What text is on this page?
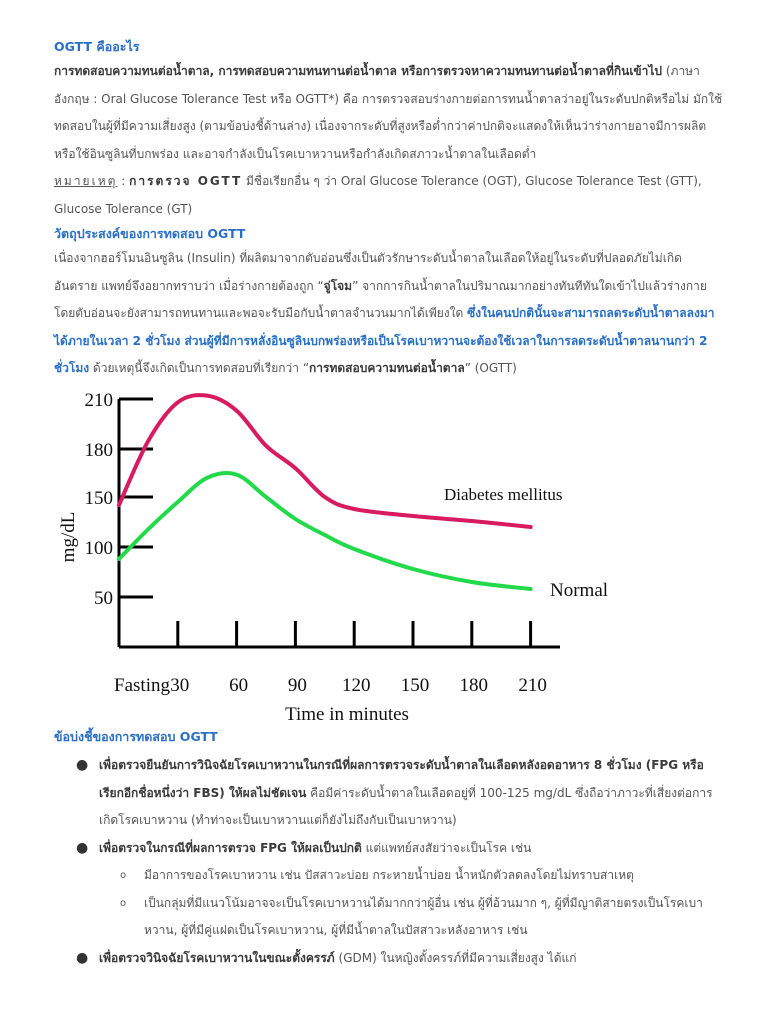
OGTT คืออะไร

การทดสอบความทนต่อน้ำตาล, การทดสอบความทนทานต่อน้ำตาล หรือการตรวจหาความทนทานต่อน้ำตาลที่กินเข้าไป (ภาษาอังกฤษ : Oral Glucose Tolerance Test หรือ OGTT*) คือ การตรวจสอบร่างกายต่อการทนน้ำตาลว่าอยู่ในระดับปกติหรือไม่ มักใช้ทดสอบในผู้ที่มีความเสี่ยงสูง (ตามข้อบ่งชี้ด้านล่าง) เนื่องจากระดับที่สูงหรือต่ำกว่าค่าปกติจะแสดงให้เห็นว่าร่างกายอาจมีการผลิตหรือใช้อินซูลินที่บกพร่อง และอาจกำลังเป็นโรคเบาหวานหรือกำลังเกิดสภาวะน้ำตาลในเลือดต่ำ

หมายเหตุ : การตรวจ OGTT มีชื่อเรียกอื่น ๆ ว่า Oral Glucose Tolerance (OGT), Glucose Tolerance Test (GTT), Glucose Tolerance (GT)

วัตถุประสงค์ของการทดสอบ OGTT

เนื่องจากฮอร์โมนอินซูลิน (Insulin) ที่ผลิตมาจากตับอ่อนซึ่งเป็นตัวรักษาระดับน้ำตาลในเลือดให้อยู่ในระดับที่ปลอดภัยไม่เกิดอันตราย แพทย์จึงอยากทราบว่า เมื่อร่างกายต้องถูก “จู่โจม” จากการกินน้ำตาลในปริมาณมากอย่างทันทีทันใดเข้าไปแล้วร่างกายโดยตับอ่อนจะยังสามารถทนทานและพอจะรับมือกับน้ำตาลจำนวนมากได้เพียงใด ซึ่งในคนปกตินั้นจะสามารถลดระดับน้ำตาลลงมาได้ภายในเวลา 2 ชั่วโมง ส่วนผู้ที่มีการหลั่งอินซูลินบกพร่องหรือเป็นโรคเบาหวานจะต้องใช้เวลาในการลดระดับน้ำตาลนานกว่า 2 ชั่วโมง ด้วยเหตุนี้จึงเกิดเป็นการทดสอบที่เรียกว่า “การทดสอบความทนต่อน้ำตาล” (OGTT)

50
100
150
180
210
Fasting 30 60 90 120 150 180 210
mg/dL
Time in minutes
Diabetes mellitus
Normal
ข้อบ่งชี้ของการทดสอบ OGTT
● เพื่อตรวจยืนยันการวินิจฉัยโรคเบาหวานในกรณีที่ผลการตรวจระดับน้ำตาลในเลือดหลังอดอาหาร 8 ชั่วโมง (FPG หรือเรียกอีกชื่อหนึ่งว่า FBS) ให้ผลไม่ชัดเจน คือมีค่าระดับน้ำตาลในเลือดอยู่ที่ 100-125 mg/dL ซึ่งถือว่าภาวะที่เสี่ยงต่อการเกิดโรคเบาหวาน (ทำท่าจะเป็นเบาหวานแต่ก็ยังไม่ถึงกับเป็นเบาหวาน)
● เพื่อตรวจในกรณีที่ผลการตรวจ FPG ให้ผลเป็นปกติ แต่แพทย์สงสัยว่าจะเป็นโรค เช่น
o มีอาการของโรคเบาหวาน เช่น ปัสสาวะบ่อย กระหายน้ำบ่อย น้ำหนักตัวลดลงโดยไม่ทราบสาเหตุ
o เป็นกลุ่มที่มีแนวโน้มอาจจะเป็นโรคเบาหวานได้มากกว่าผู้อื่น เช่น ผู้ที่อ้วนมาก ๆ, ผู้ที่มีญาติสายตรงเป็นโรคเบาหวาน, ผู้ที่มีคู่แฝดเป็นโรคเบาหวาน, ผู้ที่มีน้ำตาลในปัสสาวะหลังอาหาร เช่น
● เพื่อตรวจวินิจฉัยโรคเบาหวานในขณะตั้งครรภ์ (GDM) ในหญิงตั้งครรภ์ที่มีความเสี่ยงสูง ได้แก่
